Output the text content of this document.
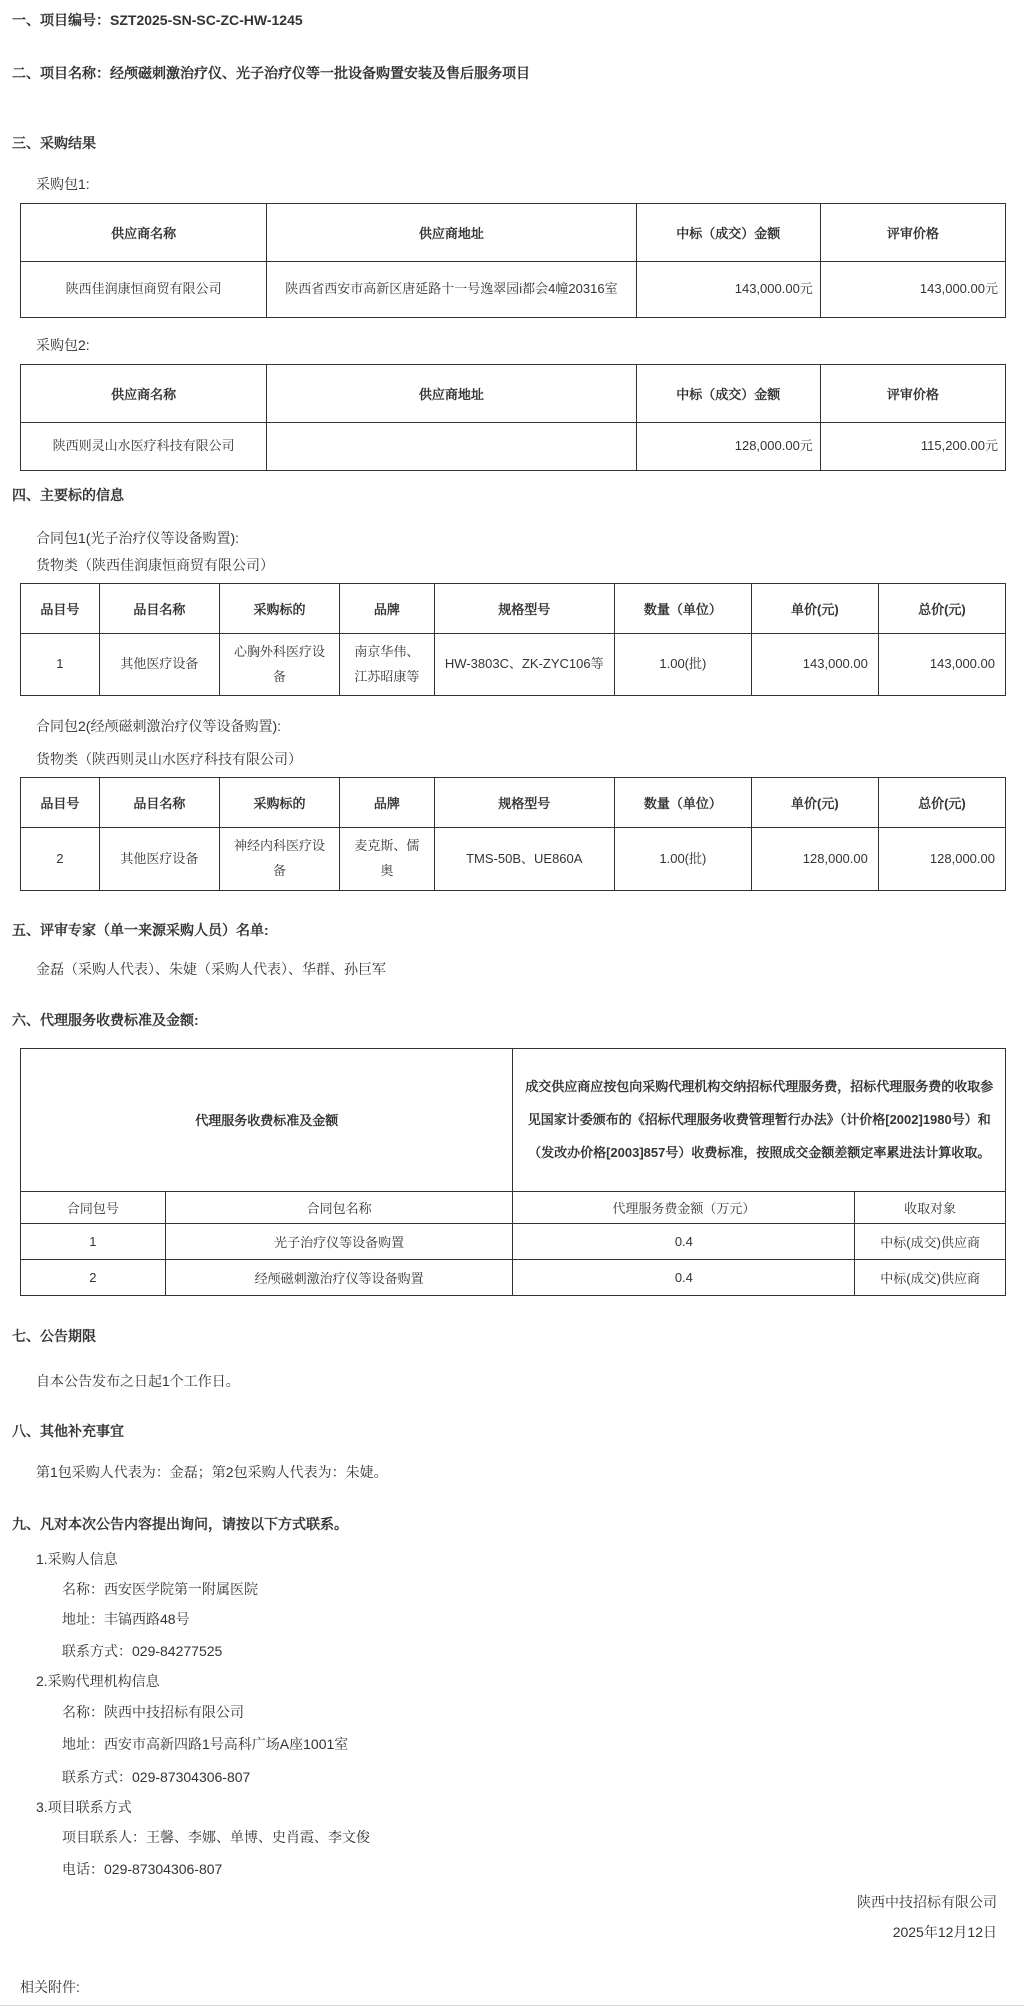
一、项目编号：SZT2025-SN-SC-ZC-HW-1245
二、项目名称：经颅磁刺激治疗仪、光子治疗仪等一批设备购置安装及售后服务项目
三、采购结果
采购包1:
供应商名称	供应商地址	中标（成交）金额	评审价格
陕西佳润康恒商贸有限公司	陕西省西安市高新区唐延路十一号逸翠园i都会4幢20316室	143,000.00元	143,000.00元
采购包2:
供应商名称	供应商地址	中标（成交）金额	评审价格
陕西则灵山水医疗科技有限公司		128,000.00元	115,200.00元
四、主要标的信息
合同包1(光子治疗仪等设备购置):
货物类（陕西佳润康恒商贸有限公司）
品目号	品目名称	采购标的	品牌	规格型号	数量（单位）	单价(元)	总价(元)
1	其他医疗设备	心胸外科医疗设备	南京华伟、江苏昭康等	HW-3803C、ZK-ZYC106等	1.00(批)	143,000.00	143,000.00
合同包2(经颅磁刺激治疗仪等设备购置):
货物类（陕西则灵山水医疗科技有限公司）
品目号	品目名称	采购标的	品牌	规格型号	数量（单位）	单价(元)	总价(元)
2	其他医疗设备	神经内科医疗设备	麦克斯、儒奥	TMS-50B、UE860A	1.00(批)	128,000.00	128,000.00
五、评审专家（单一来源采购人员）名单:
金磊（采购人代表）、朱婕（采购人代表）、华群、孙巨军
六、代理服务收费标准及金额:
代理服务收费标准及金额		成交供应商应按包向采购代理机构交纳招标代理服务费，招标代理服务费的收取参见国家计委颁布的《招标代理服务收费管理暂行办法》（计价格[2002]1980号）和（发改办价格[2003]857号）收费标准，按照成交金额差额定率累进法计算收取。	
合同包号	合同包名称	代理服务费金额（万元）	收取对象
1	光子治疗仪等设备购置	0.4	中标(成交)供应商
2	经颅磁刺激治疗仪等设备购置	0.4	中标(成交)供应商
七、公告期限
自本公告发布之日起1个工作日。
八、其他补充事宜
第1包采购人代表为：金磊；第2包采购人代表为：朱婕。
九、凡对本次公告内容提出询问，请按以下方式联系。
1.采购人信息
名称：西安医学院第一附属医院
地址：丰镐西路48号
联系方式：029-84277525
2.采购代理机构信息
名称：陕西中技招标有限公司
地址：西安市高新四路1号高科广场A座1001室
联系方式：029-87304306-807
3.项目联系方式
项目联系人：王馨、李娜、单博、史肖霞、李文俊
电话：029-87304306-807
陕西中技招标有限公司
2025年12月12日
相关附件:
